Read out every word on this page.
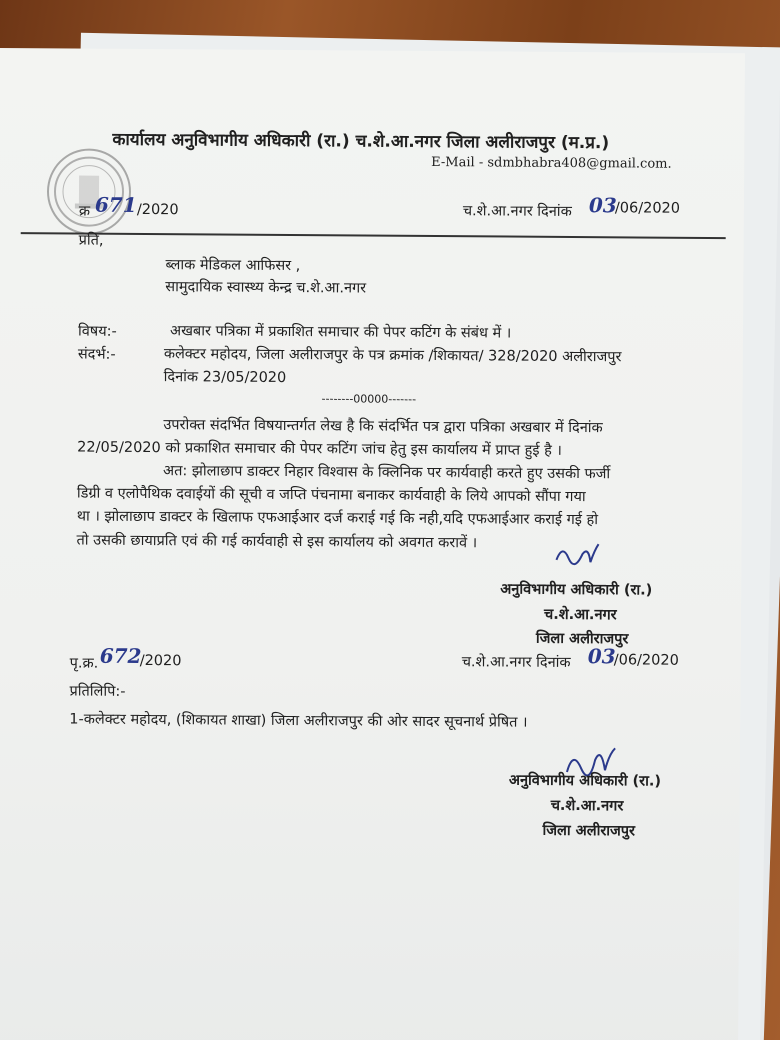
कार्यालय अनुविभागीय अधिकारी (रा.) च.शे.आ.नगर जिला अलीराजपुर (म.प्र.)
E-Mail - sdmbhabra408@gmail.com.
क्र 671 /2020	च.शे.आ.नगर दिनांक 03
/06/2020
प्रति,
ब्लाक मेडिकल आफिसर ,
सामुदायिक स्वास्थ्य केन्द्र च.शे.आ.नगर
विषय:-	अखबार पत्रिका में प्रकाशित समाचार की पेपर कटिंग के संबंध में ।
संदर्भ:-	कलेक्टर महोदय, जिला अलीराजपुर के पत्र क्रमांक /शिकायत/ 328/2020 अलीराजपुर
दिनांक 23/05/2020
--------00000-------
उपरोक्त संदर्भित विषयान्तर्गत लेख है कि संदर्भित पत्र द्वारा पत्रिका अखबार में दिनांक
22/05/2020 को प्रकाशित समाचार की पेपर कटिंग जांच हेतु इस कार्यालय में प्राप्त हुई है ।
अत: झोलाछाप डाक्टर निहार विश्वास के क्लिनिक पर कार्यवाही करते हुए उसकी फर्जी
डिग्री व एलोपैथिक दवाईयों की सूची व जप्ति पंचनामा बनाकर कार्यवाही के लिये आपको सौंपा गया
था । झोलाछाप डाक्टर के खिलाफ एफआईआर दर्ज कराई गई कि नही,यदि एफआईआर कराई गई हो
तो उसकी छायाप्रति एवं की गई कार्यवाही से इस कार्यालय को अवगत करावें ।
अनुविभागीय अधिकारी (रा.)
च.शे.आ.नगर
जिला अलीराजपुर
पृ.क्र. 672
/2020	च.शे.आ.नगर दिनांक 03
/06/2020
प्रतिलिपि:-
1-कलेक्टर महोदय, (शिकायत शाखा) जिला अलीराजपुर की ओर सादर सूचनार्थ प्रेषित ।
अनुविभागीय अधिकारी (रा.)
च.शे.आ.नगर
जिला अलीराजपुर
